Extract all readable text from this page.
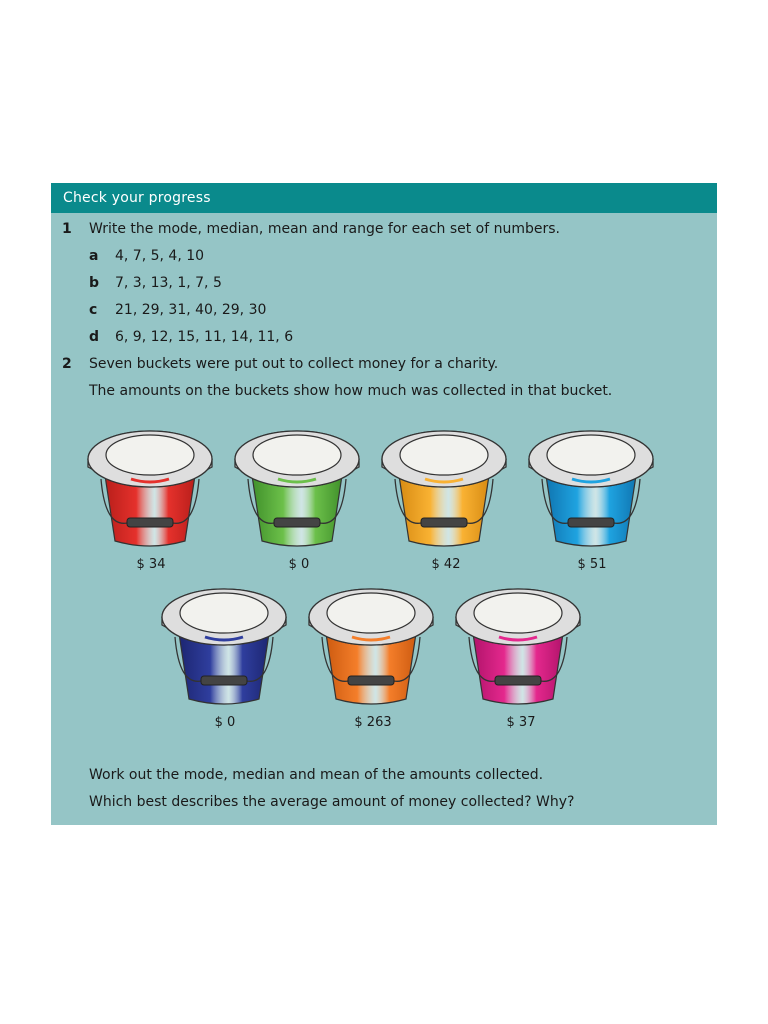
Check your progress
1 Write the mode, median, mean and range for each set of numbers.
a 4, 7, 5, 4, 10
b 7, 3, 13, 1, 7, 5
c 21, 29, 31, 40, 29, 30
d 6, 9, 12, 15, 11, 14, 11, 6
2 Seven buckets were put out to collect money for a charity.
The amounts on the buckets show how much was collected in that bucket.
$ 34	$ 0	$ 42	$ 51
$ 0	$ 263	$ 37
Work out the mode, median and mean of the amounts collected.
Which best describes the average amount of money collected? Why?
